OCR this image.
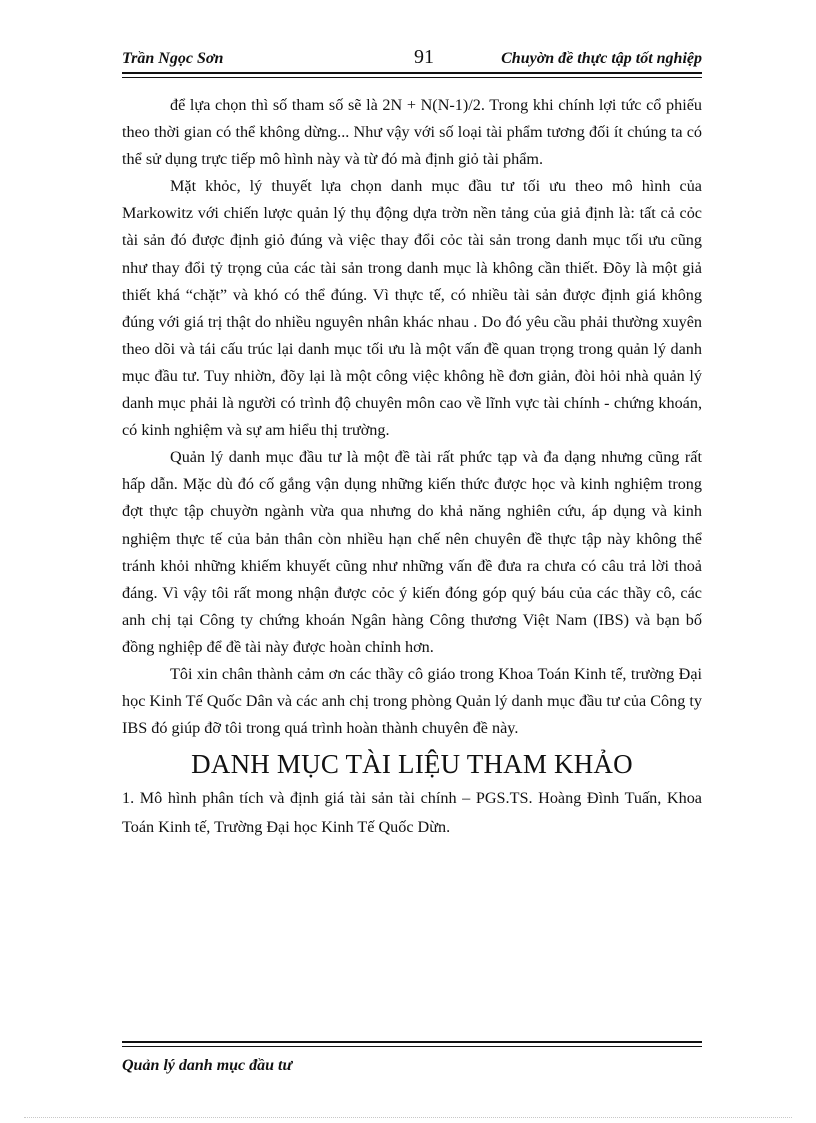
Trần Ngọc Sơn	91	Chuyờn đề thực tập tốt nghiệp

để lựa chọn thì số tham số sẽ là 2N + N(N-1)/2. Trong khi chính lợi tức cổ phiếu theo thời gian có thể không dừng... Như vậy với số loại tài phẩm tương đối ít chúng ta có thể sử dụng trực tiếp mô hình này và từ đó mà định giỏ tài phẩm.

Mặt khỏc, lý thuyết lựa chọn danh mục đầu tư tối ưu theo mô hình của Markowitz với chiến lược quản lý thụ động dựa trờn nền tảng của giả định là: tất cả cỏc tài sản đó được định giỏ đúng và việc thay đổi cỏc tài sản trong danh mục tối ưu cũng như thay đổi tỷ trọng của các tài sản trong danh mục là không cần thiết. Đõy là một giả thiết khá “chặt” và khó có thể đúng. Vì thực tế, có nhiều tài sản được định giá không đúng với giá trị thật do nhiều nguyên nhân khác nhau . Do đó yêu cầu phải thường xuyên theo dõi và tái cấu trúc lại danh mục tối ưu là một vấn đề quan trọng trong quản lý danh mục đầu tư. Tuy nhiờn, đõy lại là một công việc không hề đơn giản, đòi hỏi nhà quản lý danh mục phải là người có trình độ chuyên môn cao về lĩnh vực tài chính - chứng khoán, có kinh nghiệm và sự am hiểu thị trường.

Quản lý danh mục đầu tư là một đề tài rất phức tạp và đa dạng nhưng cũng rất hấp dẫn. Mặc dù đó cố gắng vận dụng những kiến thức được học và kinh nghiệm trong đợt thực tập chuyờn ngành vừa qua nhưng do khả năng nghiên cứu, áp dụng và kinh nghiệm thực tế của bản thân còn nhiều hạn chế nên chuyên đề thực tập này không thể tránh khỏi những khiếm khuyết cũng như những vấn đề đưa ra chưa có câu trả lời thoả đáng. Vì vậy tôi rất mong nhận được cỏc ý kiến đóng góp quý báu của các thầy cô, các anh chị tại Công ty chứng khoán Ngân hàng Công thương Việt Nam (IBS) và bạn bố đồng nghiệp để đề tài này được hoàn chỉnh hơn.

Tôi xin chân thành cảm ơn các thầy cô giáo trong Khoa Toán Kinh tế, trường Đại học Kinh Tế Quốc Dân và các anh chị trong phòng Quản lý danh mục đầu tư của Công ty IBS đó giúp đỡ tôi trong quá trình hoàn thành chuyên đề này.

DANH MỤC TÀI LIỆU THAM KHẢO
1. Mô hình phân tích và định giá tài sản tài chính – PGS.TS. Hoàng Đình Tuấn, Khoa Toán Kinh tế, Trường Đại học Kinh Tế Quốc Dừn.
Quản lý danh mục đầu tư
